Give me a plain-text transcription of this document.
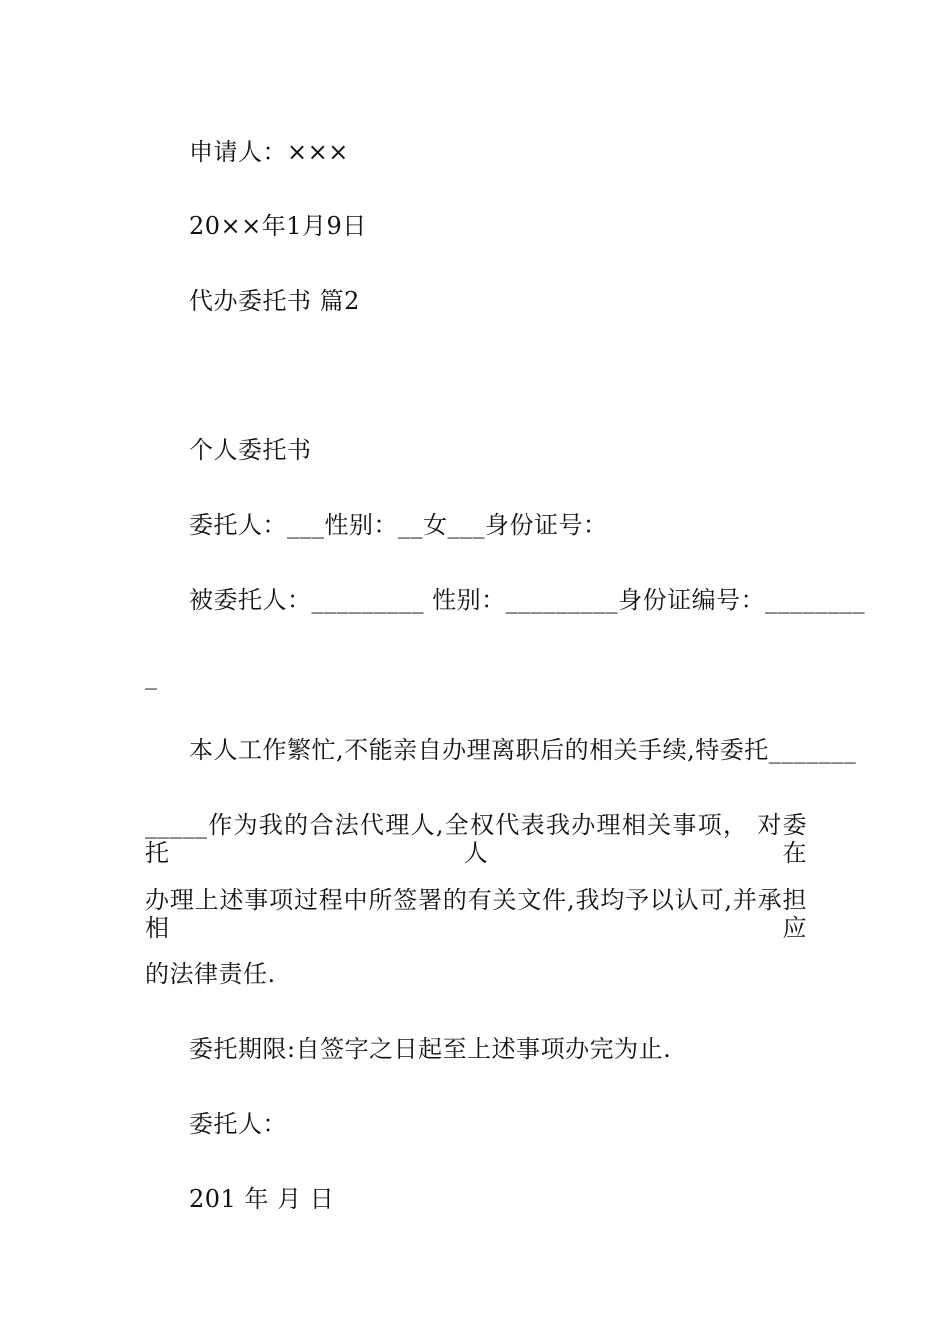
申请人：×××
20××年1月9日
代办委托书 篇2
个人委托书
委托人：___性别：__女___身份证号：
被委托人：_________ 性别：_________身份证编号：________
_
本人工作繁忙,不能亲自办理离职后的相关手续,特委托_______
_____作为我的合法代理人,全权代表我办理相关事项， 对委托人在
办理上述事项过程中所签署的有关文件,我均予以认可,并承担相应
的法律责任.
委托期限:自签字之日起至上述事项办完为止.
委托人：
201 年 月 日
